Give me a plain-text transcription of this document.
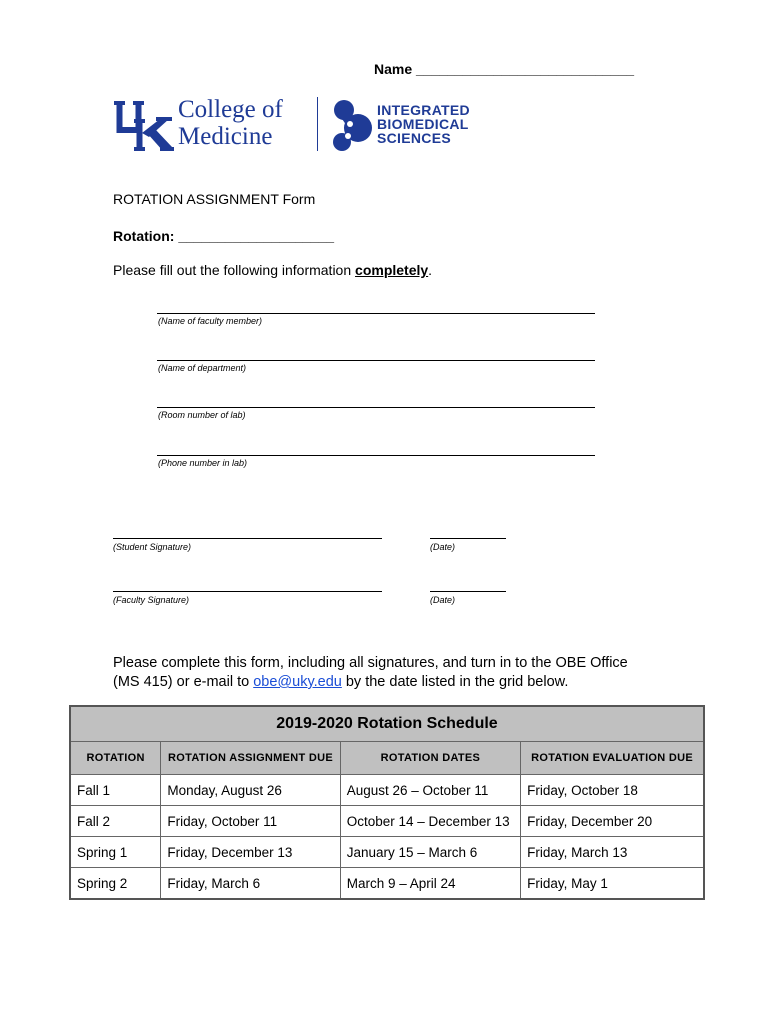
Name ____________________________
College of
Medicine
INTEGRATED
BIOMEDICAL
SCIENCES
ROTATION ASSIGNMENT Form
Rotation: ____________________
Please fill out the following information completely.
(Name of faculty member)
(Name of department)
(Room number of lab)
(Phone number in lab)
(Student Signature)	(Date)
(Faculty Signature)	(Date)
Please complete this form, including all signatures, and turn in to the OBE Office
(MS 415) or e-mail to obe@uky.edu by the date listed in the grid below.
2019-2020 Rotation Schedule			
ROTATION	ROTATION ASSIGNMENT DUE	ROTATION DATES	ROTATION EVALUATION DUE
Fall 1	Monday, August 26	August 26 – October 11	Friday, October 18
Fall 2	Friday, October 11	October 14 – December 13	Friday, December 20
Spring 1	Friday, December 13	January 15 – March 6	Friday, March 13
Spring 2	Friday, March 6	March 9 – April 24	Friday, May 1
